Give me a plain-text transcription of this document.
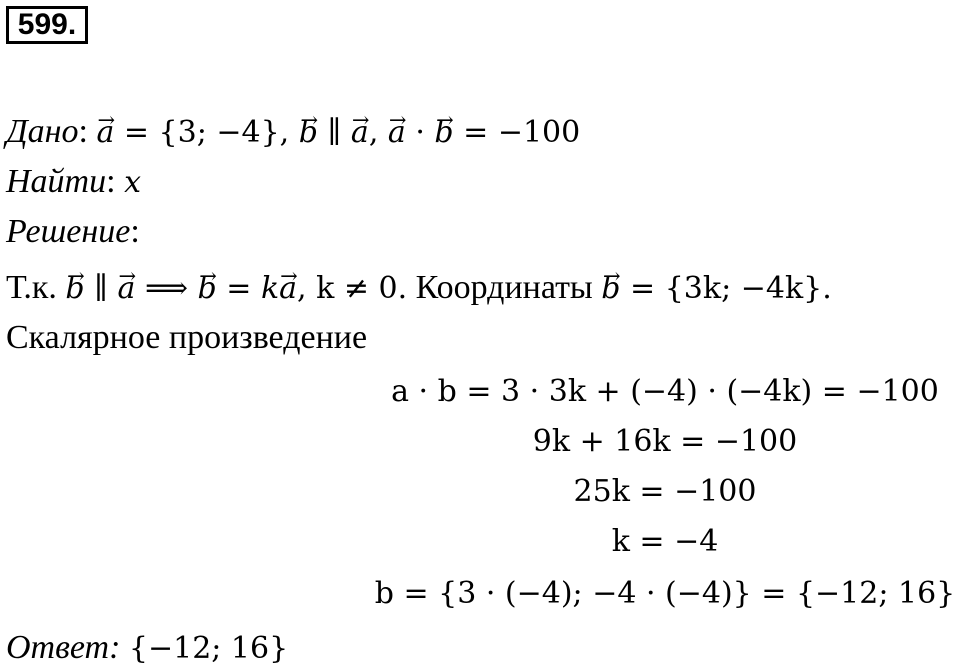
599.
Дано: → a = {3; −4}, → b ∥ → a, → a · → b = −100
Найти: x
Решение:
Т.к. → b ∥ → a ⟹ → b = k→ a, k ≠ 0. Координаты → b = {3k; −4k}.
Скалярное произведение
a · b = 3 · 3k + (−4) · (−4k) = −100
9k + 16k = −100
25k = −100
k = −4
b = {3 · (−4); −4 · (−4)} = {−12; 16}
Ответ: {−12; 16}
